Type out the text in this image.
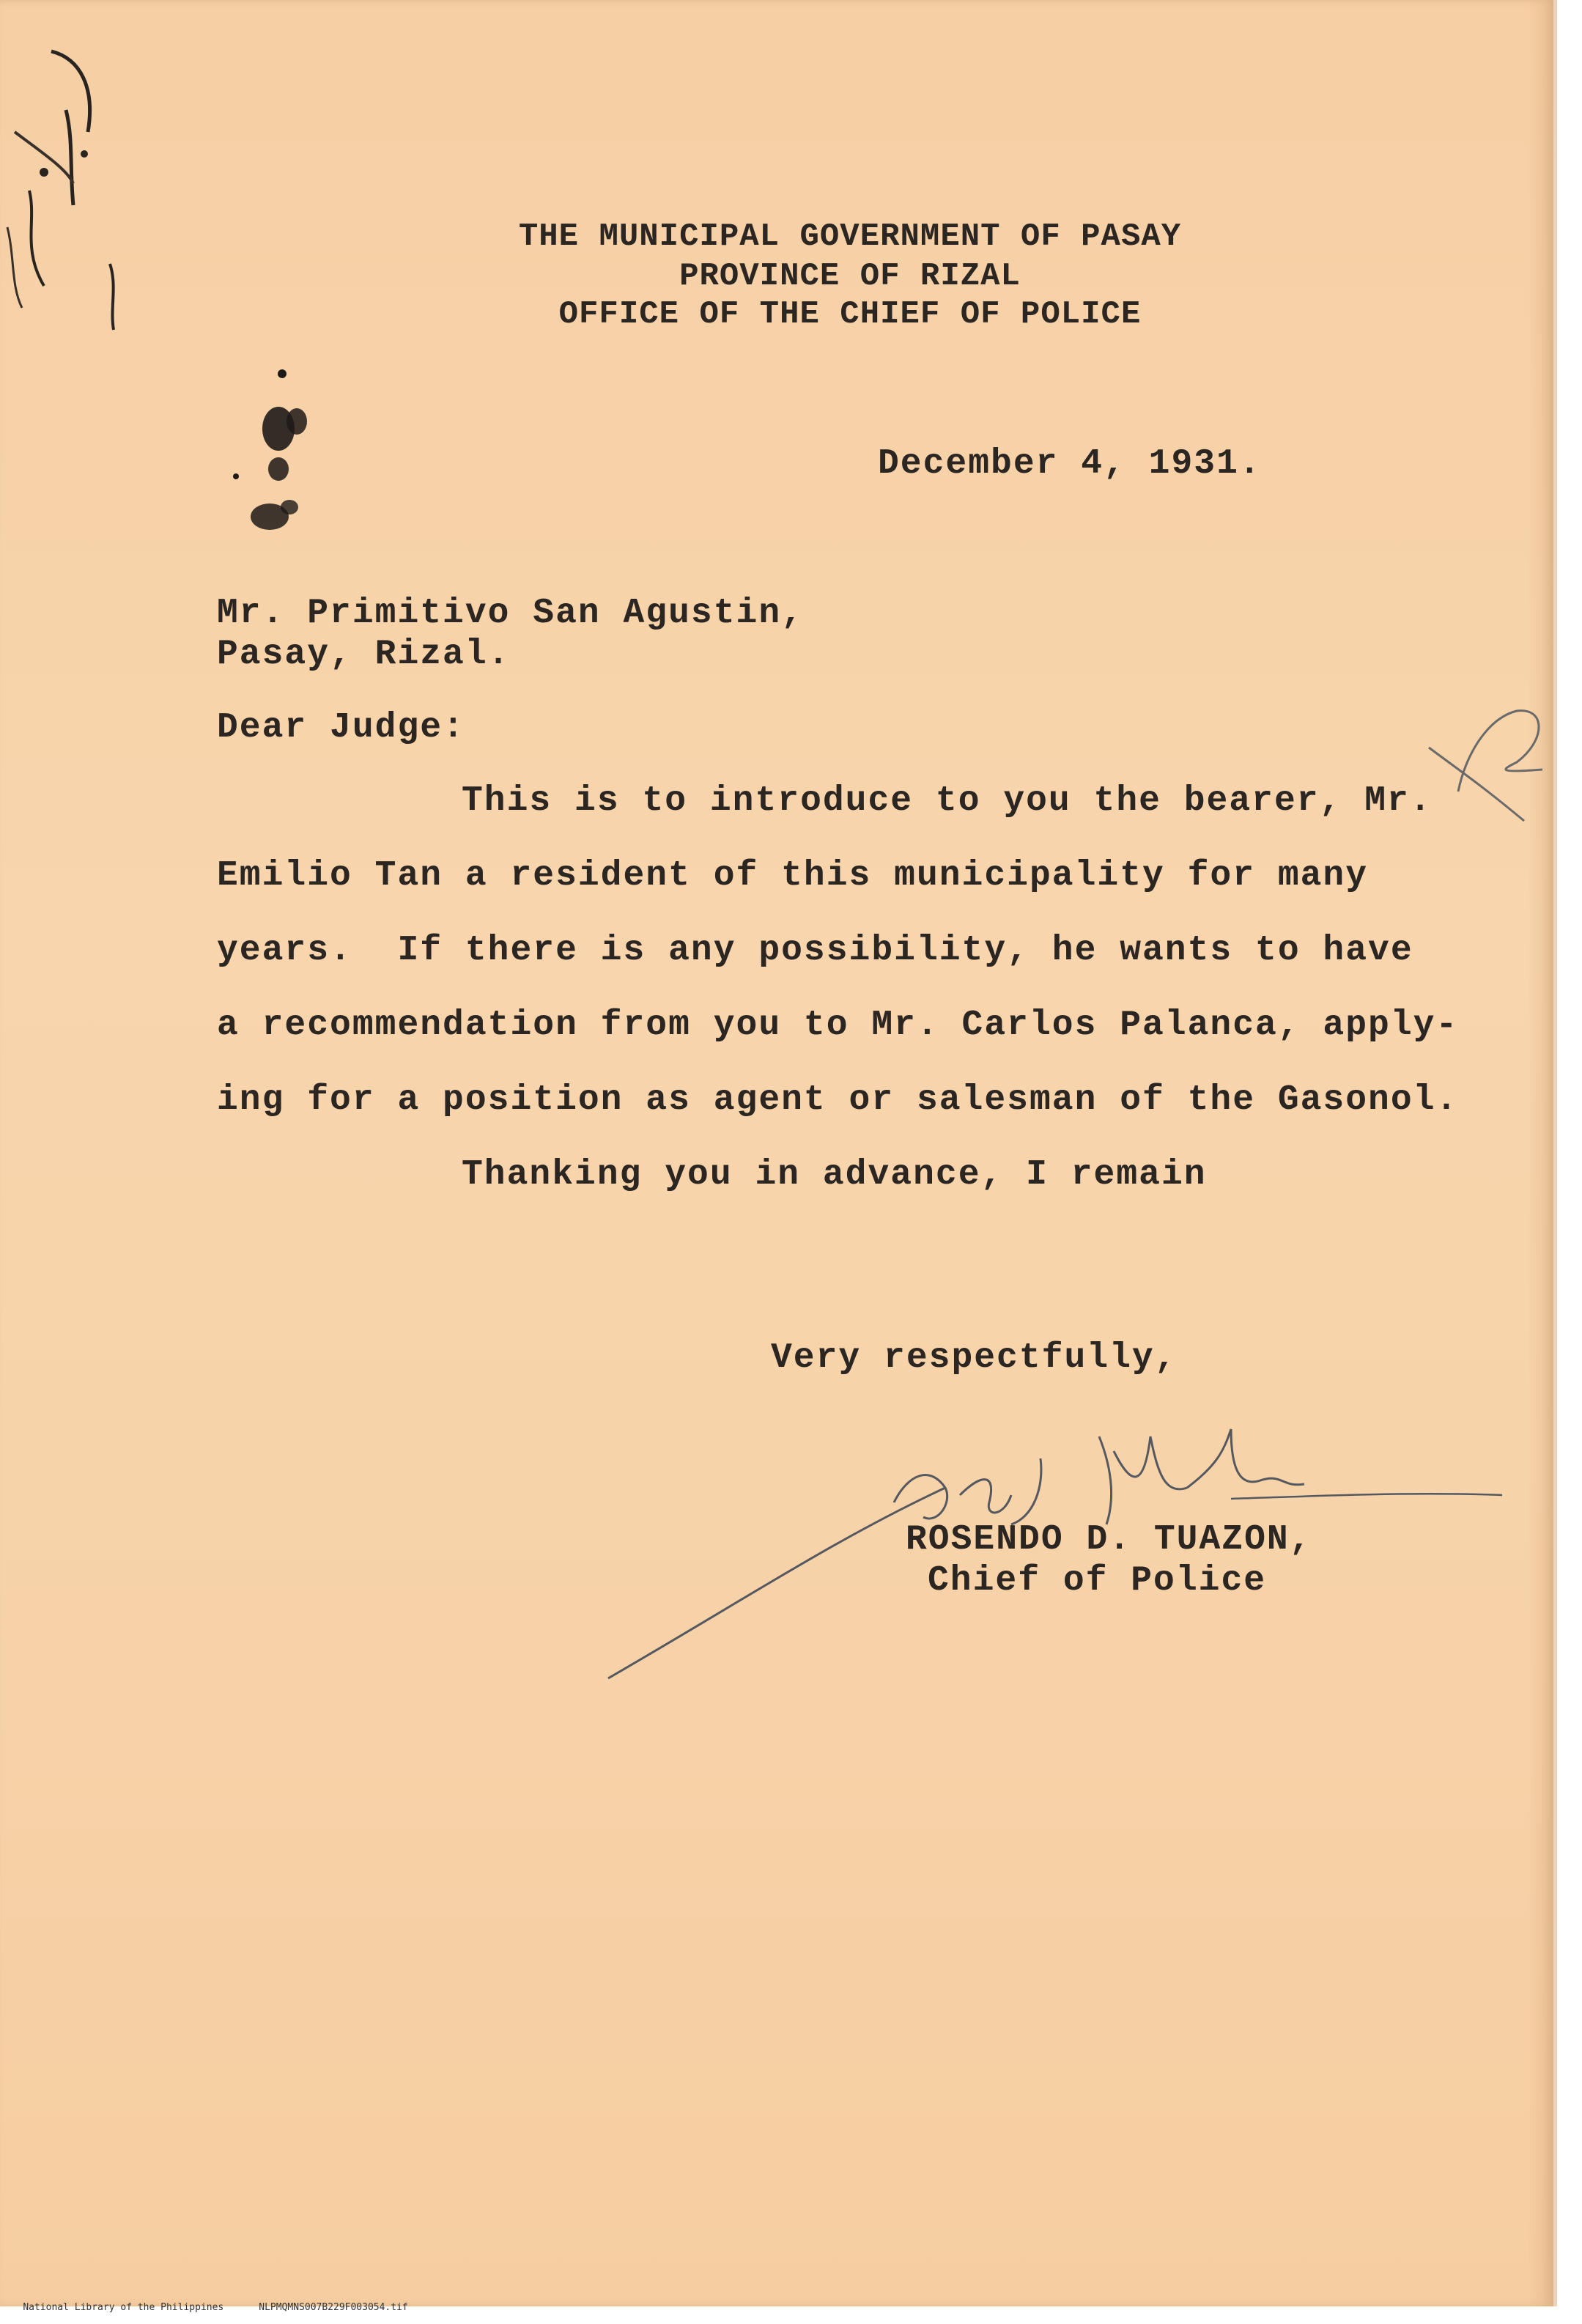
THE MUNICIPAL GOVERNMENT OF PASAY

PROVINCE OF RIZAL

OFFICE OF THE CHIEF OF POLICE

December 4, 1931.

Mr. Primitivo San Agustin,

Pasay, Rizal.

Dear Judge:

This is to introduce to you the bearer, Mr.

Emilio Tan a resident of this municipality for many

years.  If there is any possibility, he wants to have

a recommendation from you to Mr. Carlos Palanca, apply-

ing for a position as agent or salesman of the Gasonol.

Thanking you in advance, I remain

Very respectfully,

ROSENDO D. TUAZON,

Chief of Police

National Library of the Philippines	NLPMQMNS007B229F003054.tif
